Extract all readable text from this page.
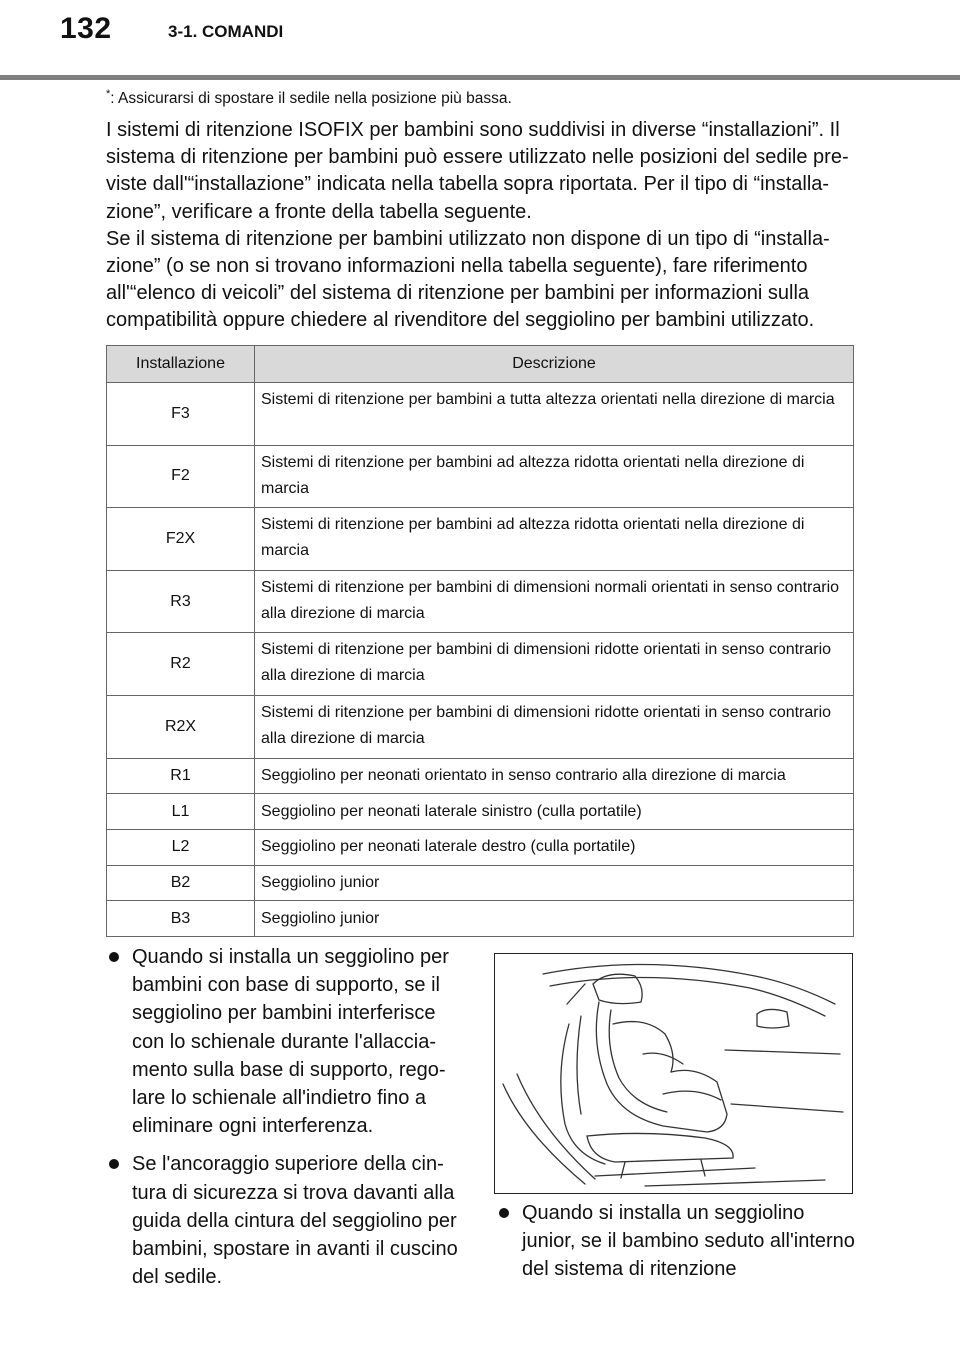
132	3-1. COMANDI
*: Assicurarsi di spostare il sedile nella posizione più bassa.

I sistemi di ritenzione ISOFIX per bambini sono suddivisi in diverse “installazioni”. Il sistema di ritenzione per bambini può essere utilizzato nelle posizioni del sedile pre-viste dall'“installazione” indicata nella tabella sopra riportata. Per il tipo di “installa-zione”, verificare a fronte della tabella seguente.

Se il sistema di ritenzione per bambini utilizzato non dispone di un tipo di “installa-zione” (o se non si trovano informazioni nella tabella seguente), fare riferimento all'“elenco di veicoli” del sistema di ritenzione per bambini per informazioni sulla compatibilità oppure chiedere al rivenditore del seggiolino per bambini utilizzato.

Installazione	Descrizione
F3	Sistemi di ritenzione per bambini a tutta altezza orientati nella direzione di marcia
F2	Sistemi di ritenzione per bambini ad altezza ridotta orientati nella direzione di marcia
F2X	Sistemi di ritenzione per bambini ad altezza ridotta orientati nella direzione di marcia
R3	Sistemi di ritenzione per bambini di dimensioni normali orientati in senso contrario alla direzione di marcia
R2	Sistemi di ritenzione per bambini di dimensioni ridotte orientati in senso contrario alla direzione di marcia
R2X	Sistemi di ritenzione per bambini di dimensioni ridotte orientati in senso contrario alla direzione di marcia
R1	Seggiolino per neonati orientato in senso contrario alla direzione di marcia
L1	Seggiolino per neonati laterale sinistro (culla portatile)
L2	Seggiolino per neonati laterale destro (culla portatile)
B2	Seggiolino junior
B3	Seggiolino junior
Quando si installa un seggiolino per bambini con base di supporto, se il seggiolino per bambini interferisce con lo schienale durante l'allaccia-mento sulla base di supporto, rego-lare lo schienale all'indietro fino a eliminare ogni interferenza.
Se l'ancoraggio superiore della cin-tura di sicurezza si trova davanti alla guida della cintura del seggiolino per bambini, spostare in avanti il cuscino del sedile.
Quando si installa un seggiolino junior, se il bambino seduto all'interno del sistema di ritenzione
